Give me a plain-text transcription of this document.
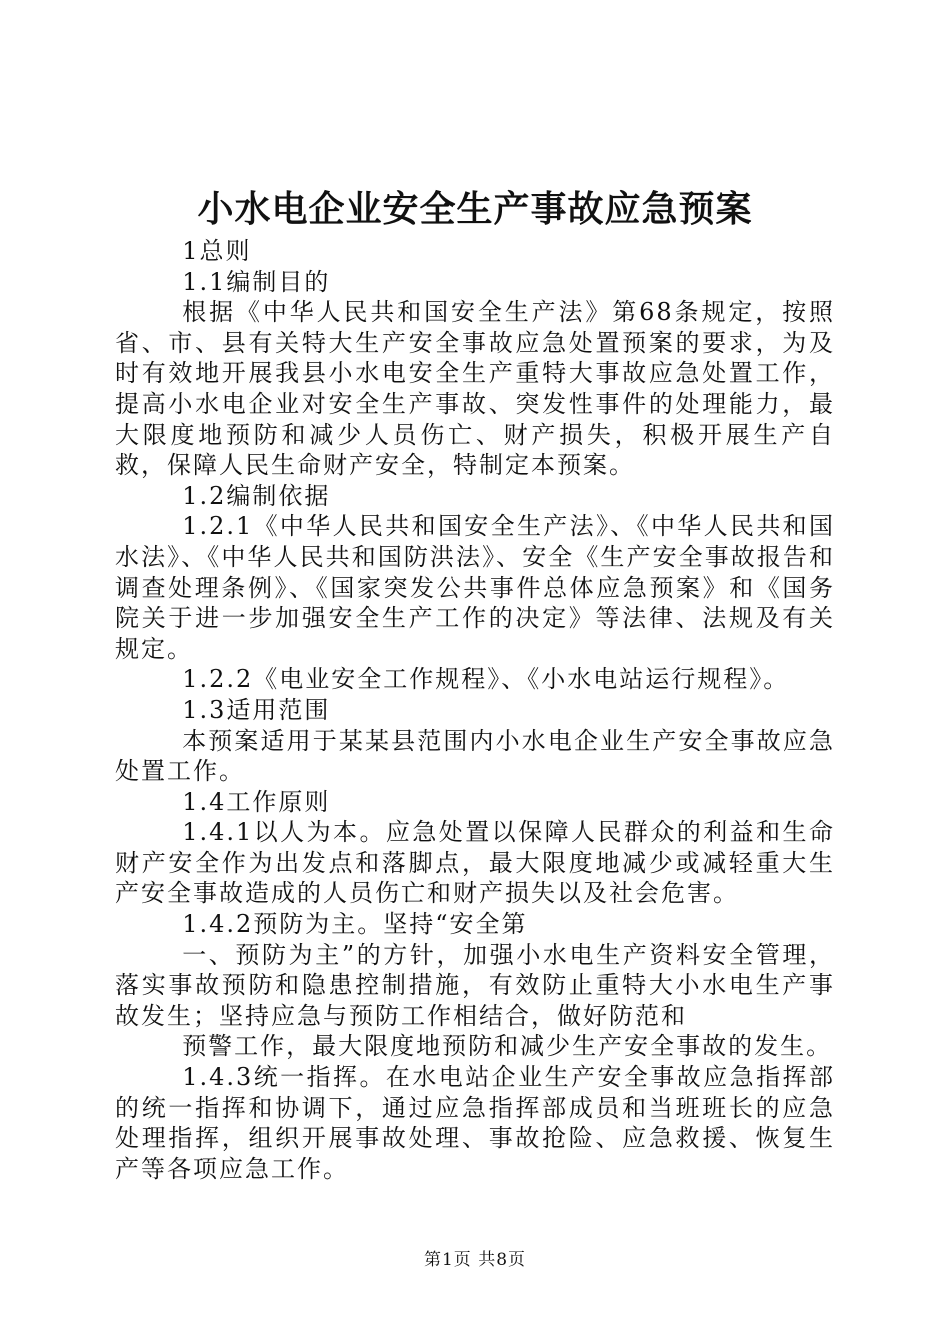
小水电企业安全生产事故应急预案

1总则

1.1编制目的

根据《中华人民共和国安全生产法》第68条规定，按照省、市、县有关特大生产安全事故应急处置预案的要求，为及时有效地开展我县小水电安全生产重特大事故应急处置工作，提高小水电企业对安全生产事故、突发性事件的处理能力，最大限度地预防和减少人员伤亡、财产损失，积极开展生产自救，保障人民生命财产安全，特制定本预案。

1.2编制依据

1.2.1《中华人民共和国安全生产法》、《中华人民共和国水法》、《中华人民共和国防洪法》、安全《生产安全事故报告和调查处理条例》、《国家突发公共事件总体应急预案》和《国务院关于进一步加强安全生产工作的决定》等法律、法规及有关规定。

1.2.2《电业安全工作规程》、《小水电站运行规程》。

1.3适用范围

本预案适用于某某县范围内小水电企业生产安全事故应急处置工作。

1.4工作原则

1.4.1以人为本。应急处置以保障人民群众的利益和生命财产安全作为出发点和落脚点，最大限度地减少或减轻重大生产安全事故造成的人员伤亡和财产损失以及社会危害。

1.4.2预防为主。坚持“安全第

一、预防为主”的方针，加强小水电生产资料安全管理，落实事故预防和隐患控制措施，有效防止重特大小水电生产事故发生；坚持应急与预防工作相结合，做好防范和

预警工作，最大限度地预防和减少生产安全事故的发生。

1.4.3统一指挥。在水电站企业生产安全事故应急指挥部的统一指挥和协调下，通过应急指挥部成员和当班班长的应急处理指挥，组织开展事故处理、事故抢险、应急救援、恢复生产等各项应急工作。

第1页 共8页
